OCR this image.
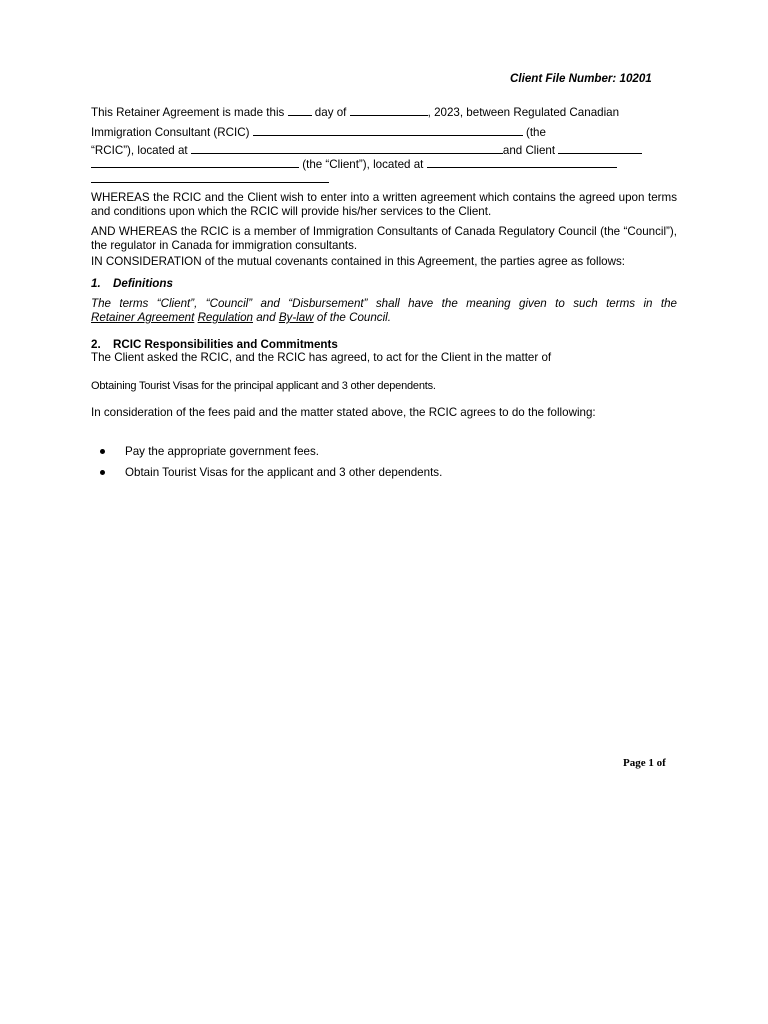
Client File Number: 10201
This Retainer Agreement is made this	day of	, 2023, between Regulated Canadian
Immigration Consultant (RCIC)	(the
“RCIC”), located at	and Client
(the “Client”), located at
WHEREAS the RCIC and the Client wish to enter into a written agreement which contains the agreed upon terms and conditions upon which the RCIC will provide his/her services to the Client.
AND WHEREAS the RCIC is a member of Immigration Consultants of Canada Regulatory Council (the “Council”), the regulator in Canada for immigration consultants.
IN CONSIDERATION of the mutual covenants contained in this Agreement, the parties agree as follows:
1. Definitions
The terms “Client”, “Council” and “Disbursement” shall have the meaning given to such terms in the
Retainer Agreement Regulation and By-law of the Council.
2. RCIC Responsibilities and Commitments
The Client asked the RCIC, and the RCIC has agreed, to act for the Client in the matter of
Obtaining Tourist Visas for the principal applicant and 3 other dependents.
In consideration of the fees paid and the matter stated above, the RCIC agrees to do the following:
Pay the appropriate government fees.
Obtain Tourist Visas for the applicant and 3 other dependents.
Page 1 of
